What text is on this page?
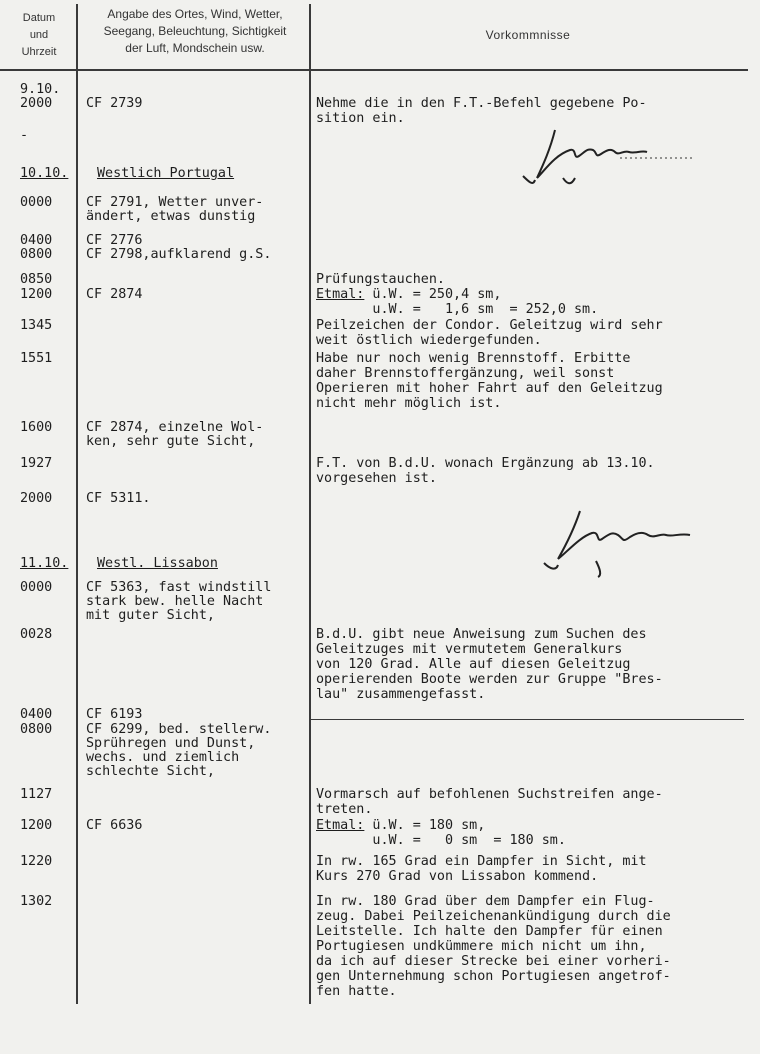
Datum
und
Uhrzeit
Angabe des Ortes, Wind, Wetter,
Seegang, Beleuchtung, Sichtigkeit
der Luft, Mondschein usw.
Vorkommnisse
9.10.
2000
-
10.10.
0000
0400
0800
0850
1200
1345
1551
1600
1927
2000
11.10.
0000
0028
0400
0800
1127
1200
1220
1302
CF 2739
Westlich Portugal
CF 2791, Wetter unver-
ändert, etwas dunstig
CF 2776
CF 2798,aufklarend g.S.
CF 2874
CF 2874, einzelne Wol-
ken, sehr gute Sicht,
CF 5311.
Westl. Lissabon
CF 5363, fast windstill
stark bew. helle Nacht
mit guter Sicht,
CF 6193
CF 6299, bed. stellerw.
Sprühregen und Dunst,
wechs. und ziemlich
schlechte Sicht,
CF 6636
Nehme die in den F.T.-Befehl gegebene Po-
sition ein.
Prüfungstauchen.
Etmal: ü.W. = 250,4 sm,
u.W. =   1,6 sm  = 252,0 sm.
Peilzeichen der Condor. Geleitzug wird sehr
weit östlich wiedergefunden.
Habe nur noch wenig Brennstoff. Erbitte
daher Brennstoffergänzung, weil sonst
Operieren mit hoher Fahrt auf den Geleitzug
nicht mehr möglich ist.
F.T. von B.d.U. wonach Ergänzung ab 13.10.
vorgesehen ist.
B.d.U. gibt neue Anweisung zum Suchen des
Geleitzuges mit vermutetem Generalkurs
von 120 Grad. Alle auf diesen Geleitzug
operierenden Boote werden zur Gruppe "Bres-
lau" zusammengefasst.
Vormarsch auf befohlenen Suchstreifen ange-
treten.
Etmal: ü.W. = 180 sm,
u.W. =   0 sm  = 180 sm.
In rw. 165 Grad ein Dampfer in Sicht, mit
Kurs 270 Grad von Lissabon kommend.
In rw. 180 Grad über dem Dampfer ein Flug-
zeug. Dabei Peilzeichenankündigung durch die
Leitstelle. Ich halte den Dampfer für einen
Portugiesen undkümmere mich nicht um ihn,
da ich auf dieser Strecke bei einer vorheri-
gen Unternehmung schon Portugiesen angetrof-
fen hatte.
